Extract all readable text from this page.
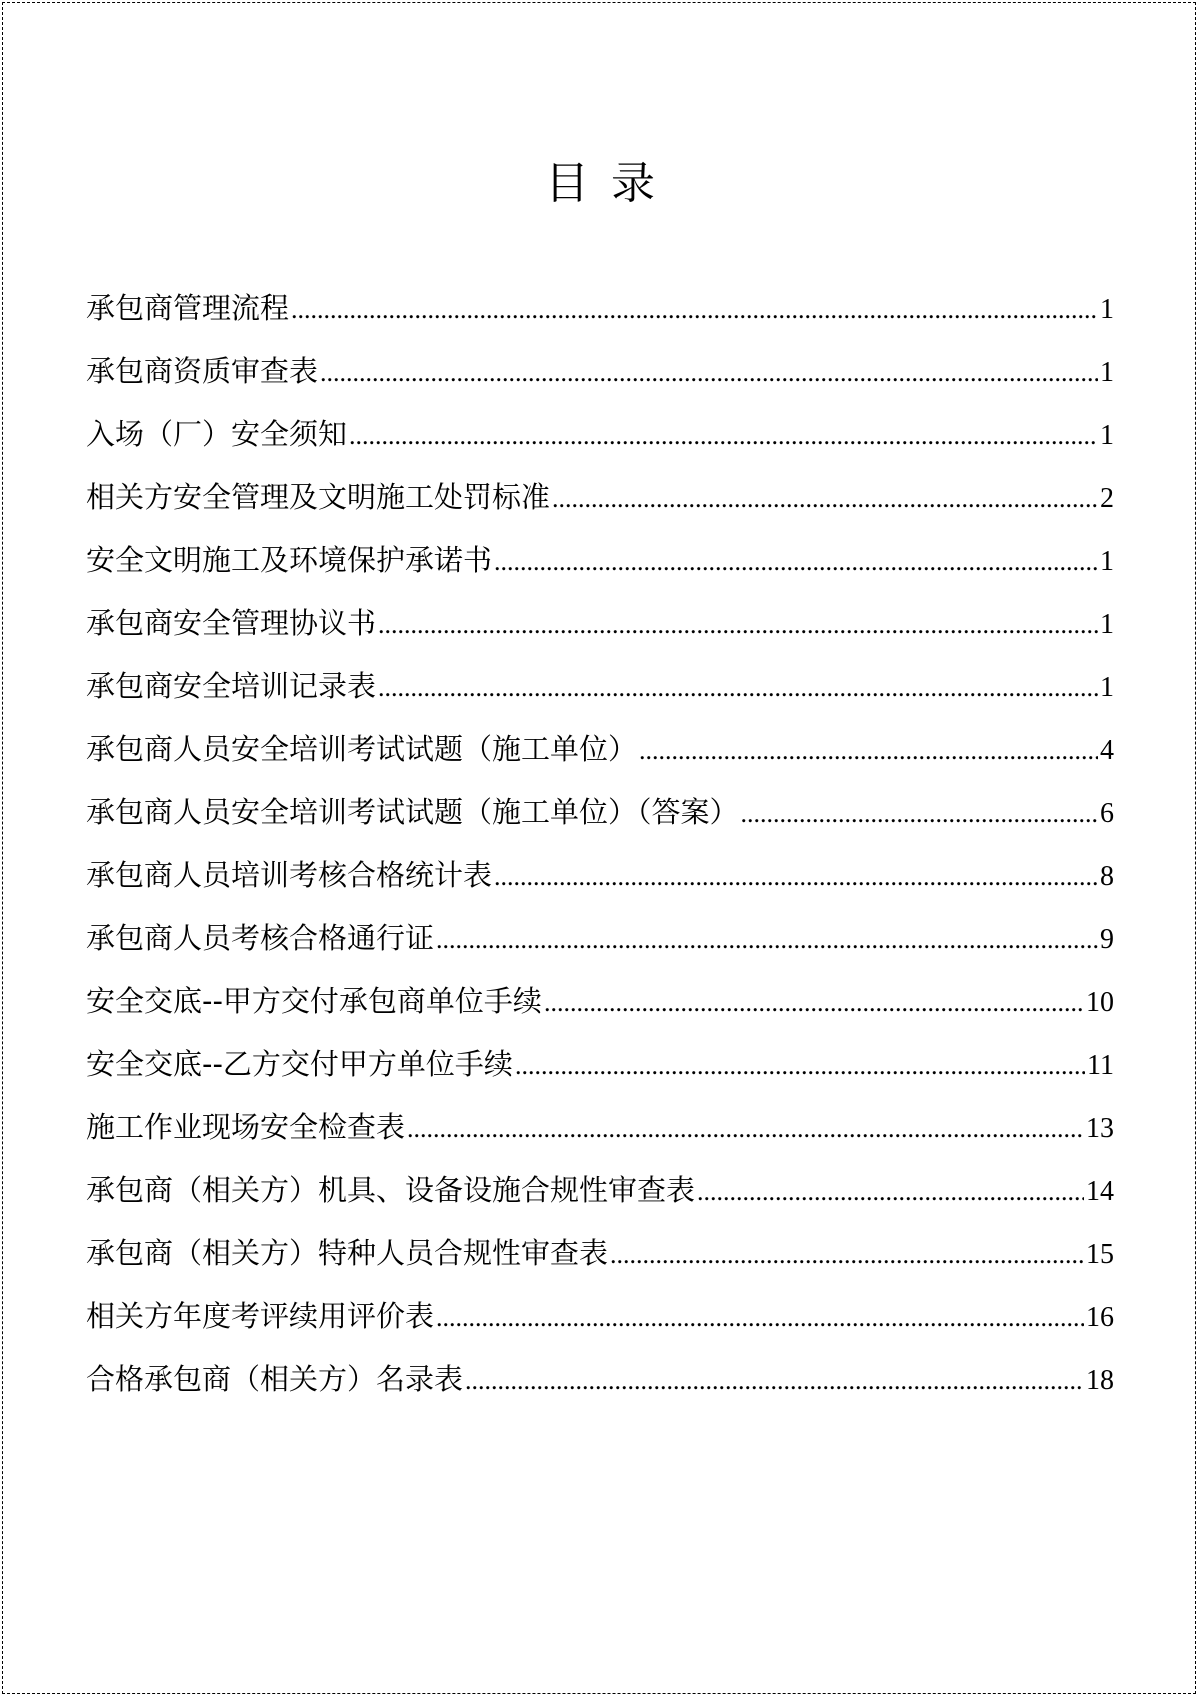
目录
承包商管理流程 .....	1
承包商资质审查表 .....	1
入场（厂）安全须知 .....	1
相关方安全管理及文明施工处罚标准 .....	2
安全文明施工及环境保护承诺书 .....	1
承包商安全管理协议书 .....	1
承包商安全培训记录表 .....	1
承包商人员安全培训考试试题（施工单位） .....	4
承包商人员安全培训考试试题（施工单位）（答案） .....	6
承包商人员培训考核合格统计表 .....	8
承包商人员考核合格通行证 .....	9
安全交底--甲方交付承包商单位手续 .....	10
安全交底--乙方交付甲方单位手续 .....	11
施工作业现场安全检查表 .....	13
承包商（相关方）机具、设备设施合规性审查表 .....	14
承包商（相关方）特种人员合规性审查表 .....	15
相关方年度考评续用评价表 .....	16
合格承包商（相关方）名录表 .....	18
